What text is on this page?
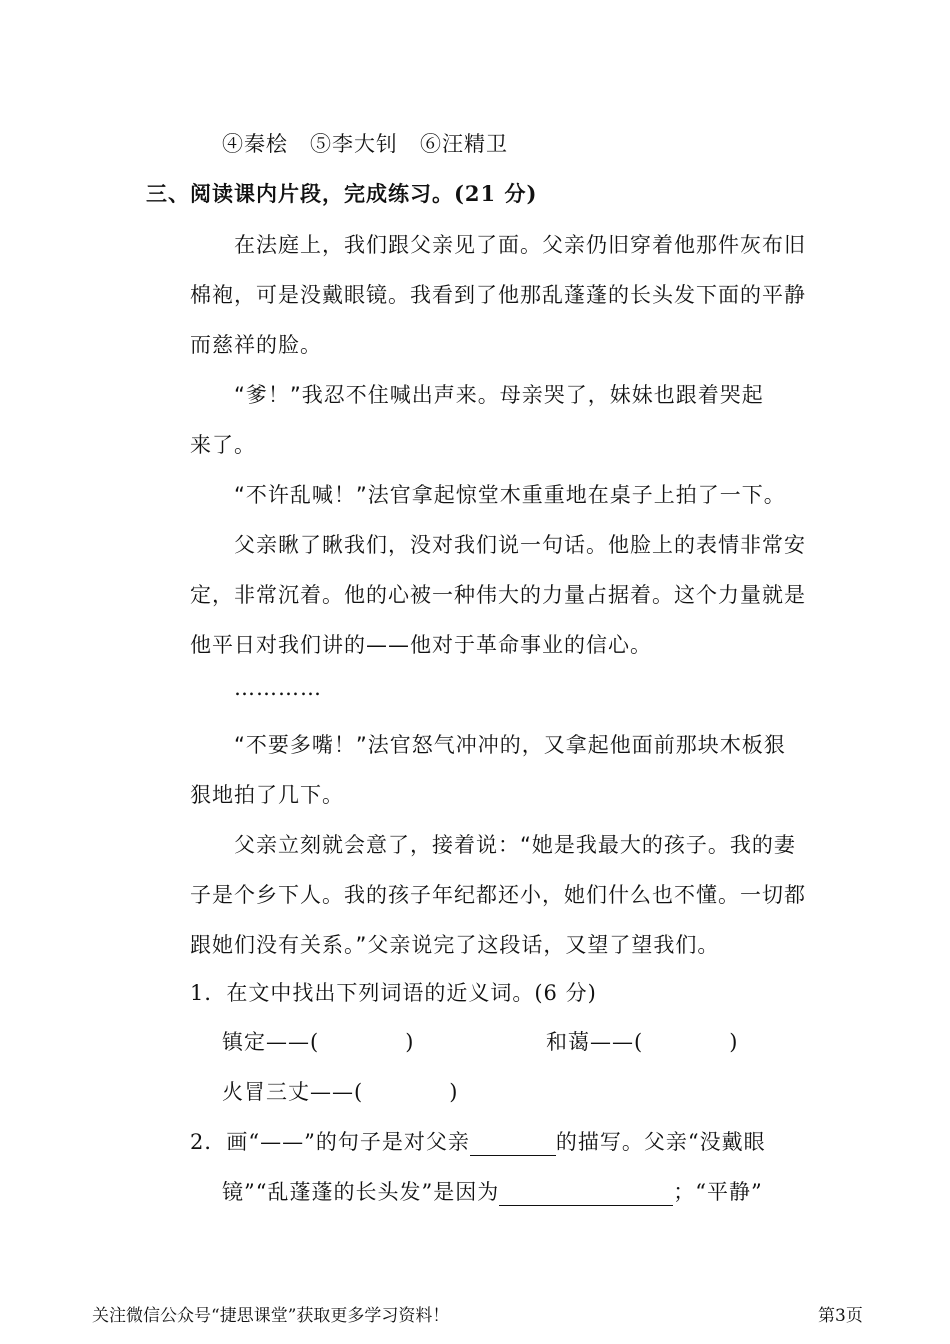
④秦桧　⑤李大钊　⑥汪精卫
三、阅读课内片段，完成练习。(21 分)
在法庭上，我们跟父亲见了面。父亲仍旧穿着他那件灰布旧
棉袍，可是没戴眼镜。我看到了他那乱蓬蓬的长头发下面的平静
而慈祥的脸。
“爹！”我忍不住喊出声来。母亲哭了，妹妹也跟着哭起
来了。
“不许乱喊！”法官拿起惊堂木重重地在桌子上拍了一下。
父亲瞅了瞅我们，没对我们说一句话。他脸上的表情非常安
定，非常沉着。他的心被一种伟大的力量占据着。这个力量就是
他平日对我们讲的——他对于革命事业的信心。
…………
“不要多嘴！”法官怒气冲冲的，又拿起他面前那块木板狠
狠地拍了几下。
父亲立刻就会意了，接着说：“她是我最大的孩子。我的妻
子是个乡下人。我的孩子年纪都还小，她们什么也不懂。一切都
跟她们没有关系。”父亲说完了这段话，又望了望我们。
1．在文中找出下列词语的近义词。(6 分)
镇定——(	)	和蔼——(	)
火冒三丈——(	)
2．画“——”的句子是对父亲	的描写。父亲“没戴眼
镜”“乱蓬蓬的长头发”是因为	；“平静”
关注微信公众号“捷思课堂”获取更多学习资料！	第3页
